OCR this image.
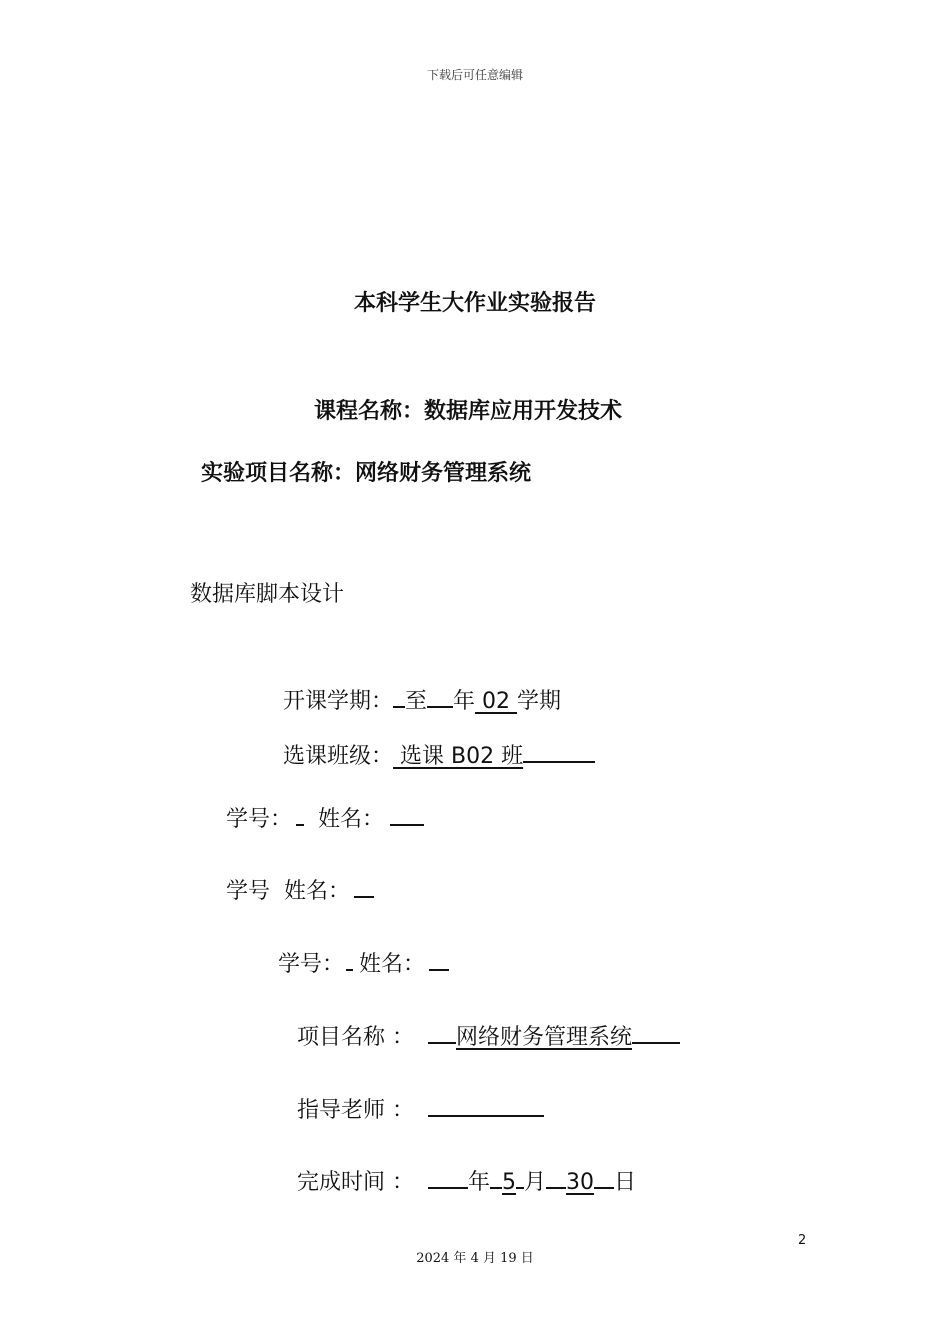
下载后可任意编辑
本科学生大作业实验报告
课程名称：数据库应用开发技术
实验项目名称：网络财务管理系统
数据库脚本设计
开课学期： 至 年 02 学期
选课班级： 选课 B02 班
学号： 姓名：
学号 姓名：
学号： 姓名：
项目名称 ： 网络财务管理系统
指导老师 ：
完成时间 ： 年 5 月 30 日
2
2024 年 4 月 19 日
